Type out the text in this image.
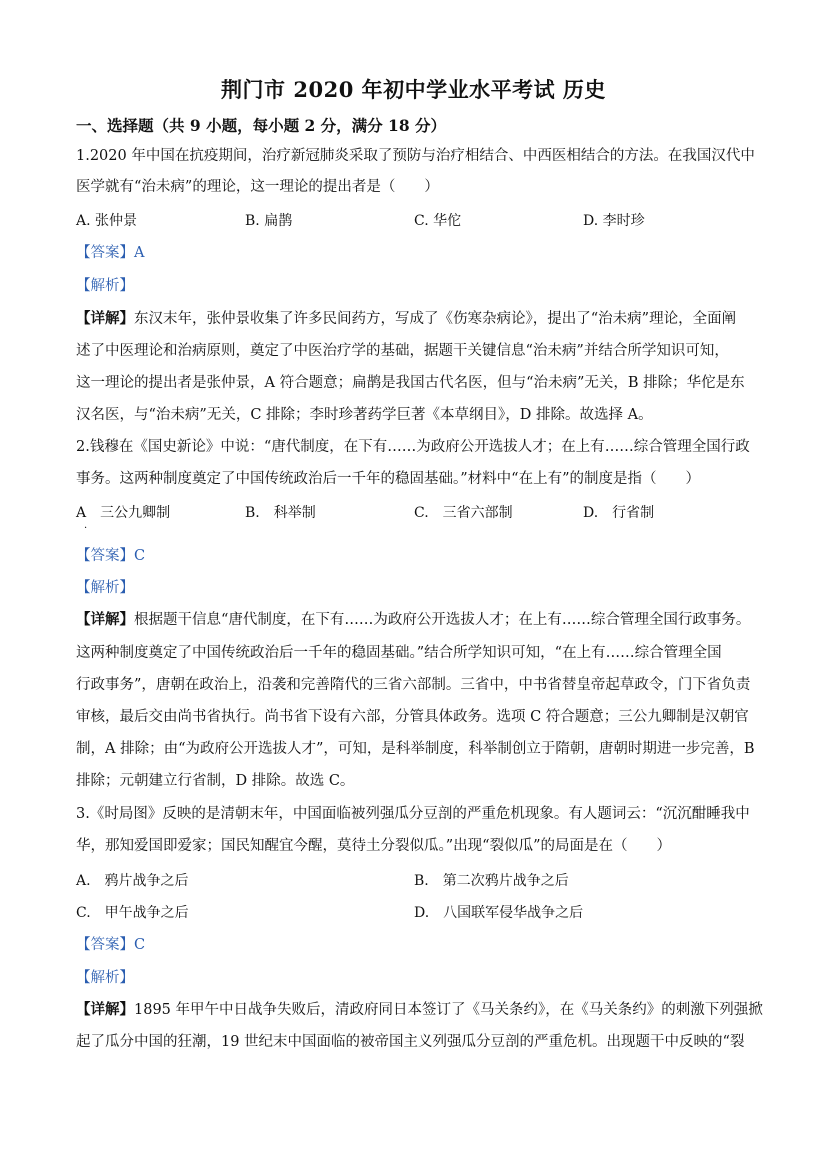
荆门市 2020 年初中学业水平考试 历史
一、选择题（共 9 小题，每小题 2 分，满分 18 分）
1.2020 年中国在抗疫期间，治疗新冠肺炎采取了预防与治疗相结合、中西医相结合的方法。在我国汉代中
医学就有“治未病”的理论，这一理论的提出者是（　　）
A. 张仲景	B. 扁鹊	C. 华佗	D. 李时珍
【答案】A
【解析】
【详解】东汉末年，张仲景收集了许多民间药方，写成了《伤寒杂病论》，提出了“治未病”理论，全面阐
述了中医理论和治病原则，奠定了中医治疗学的基础，据题干关键信息“治未病”并结合所学知识可知，
这一理论的提出者是张仲景，A 符合题意；扁鹊是我国古代名医，但与“治未病”无关，B 排除；华佗是东
汉名医，与“治未病”无关，C 排除；李时珍著药学巨著《本草纲目》，D 排除。故选择 A。
2.钱穆在《国史新论》中说：“唐代制度，在下有……为政府公开选拔人才；在上有……综合管理全国行政
事务。这两种制度奠定了中国传统政治后一千年的稳固基础。”材料中“在上有”的制度是指（　　）
A　三公九卿制
·
B.　科举制	C.　三省六部制	D.　行省制
【答案】C
【解析】
【详解】根据题干信息“唐代制度，在下有……为政府公开选拔人才；在上有……综合管理全国行政事务。
这两种制度奠定了中国传统政治后一千年的稳固基础。”结合所学知识可知，“在上有……综合管理全国
行政事务”，唐朝在政治上，沿袭和完善隋代的三省六部制。三省中，中书省替皇帝起草政令，门下省负责
审核，最后交由尚书省执行。尚书省下设有六部，分管具体政务。选项 C 符合题意；三公九卿制是汉朝官
制，A 排除；由“为政府公开选拔人才”，可知，是科举制度，科举制创立于隋朝，唐朝时期进一步完善，B
排除；元朝建立行省制，D 排除。故选 C。
3.《时局图》反映的是清朝末年，中国面临被列强瓜分豆剖的严重危机现象。有人题词云：“沉沉酣睡我中
华，那知爱国即爱家；国民知醒宜今醒，莫待土分裂似瓜。”出现“裂似瓜”的局面是在（　　）
A.　鸦片战争之后	B.　第二次鸦片战争之后
C.　甲午战争之后	D.　八国联军侵华战争之后
【答案】C
【解析】
【详解】1895 年甲午中日战争失败后，清政府同日本签订了《马关条约》，在《马关条约》的刺激下列强掀
起了瓜分中国的狂潮，19 世纪末中国面临的被帝国主义列强瓜分豆剖的严重危机。出现题干中反映的“裂
